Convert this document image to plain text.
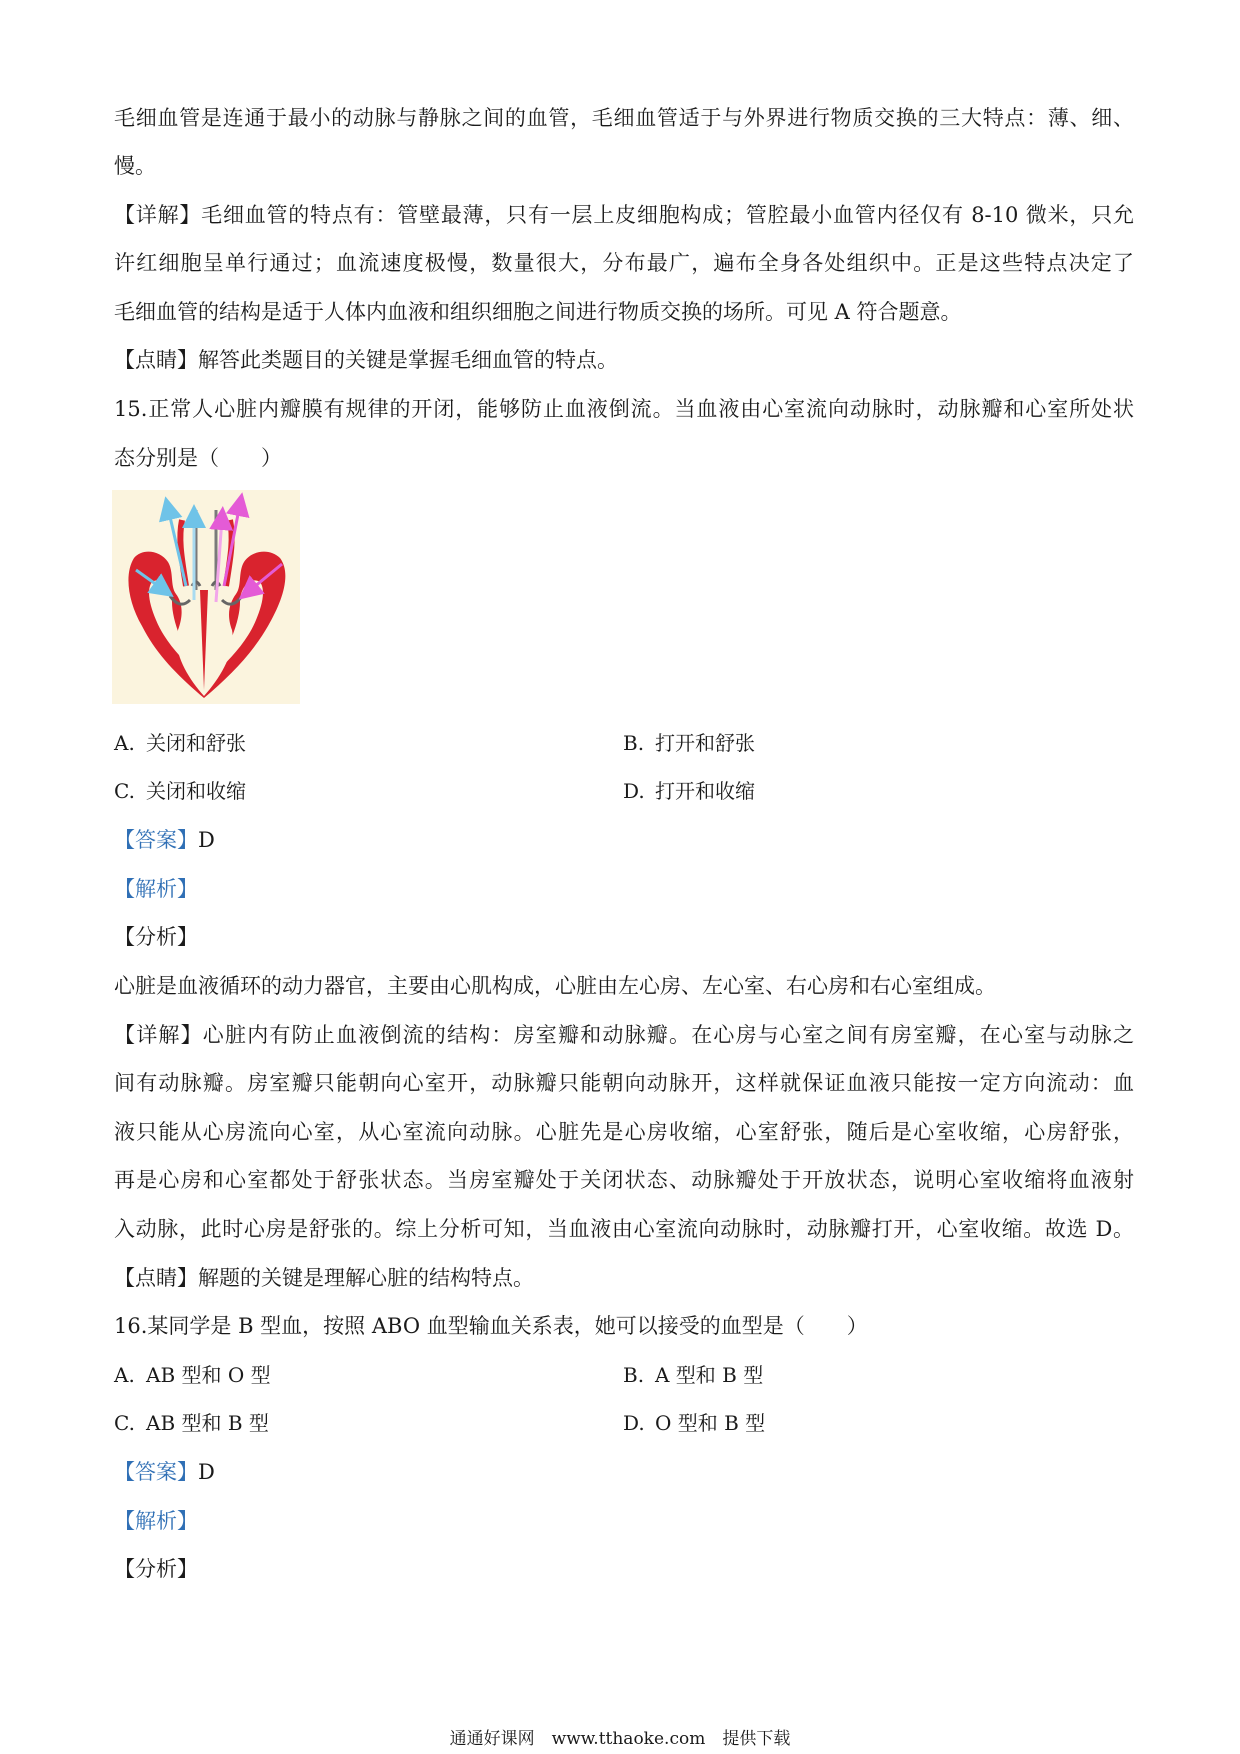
毛细血管是连通于最小的动脉与静脉之间的血管，毛细血管适于与外界进行物质交换的三大特点：薄、细、
慢。
【详解】毛细血管的特点有：管壁最薄，只有一层上皮细胞构成；管腔最小血管内径仅有 8-10 微米，只允
许红细胞呈单行通过；血流速度极慢，数量很大，分布最广，遍布全身各处组织中。正是这些特点决定了
毛细血管的结构是适于人体内血液和组织细胞之间进行物质交换的场所。可见 A 符合题意。
【点睛】解答此类题目的关键是掌握毛细血管的特点。
15.正常人心脏内瓣膜有规律的开闭，能够防止血液倒流。当血液由心室流向动脉时，动脉瓣和心室所处状
态分别是（　　）
A. 关闭和舒张	B. 打开和舒张
C. 关闭和收缩	D. 打开和收缩
【答案】D
【解析】
【分析】
心脏是血液循环的动力器官，主要由心肌构成，心脏由左心房、左心室、右心房和右心室组成。
【详解】心脏内有防止血液倒流的结构：房室瓣和动脉瓣。在心房与心室之间有房室瓣，在心室与动脉之
间有动脉瓣。房室瓣只能朝向心室开，动脉瓣只能朝向动脉开，这样就保证血液只能按一定方向流动：血
液只能从心房流向心室，从心室流向动脉。心脏先是心房收缩，心室舒张，随后是心室收缩，心房舒张，
再是心房和心室都处于舒张状态。当房室瓣处于关闭状态、动脉瓣处于开放状态，说明心室收缩将血液射
入动脉，此时心房是舒张的。综上分析可知，当血液由心室流向动脉时，动脉瓣打开，心室收缩。故选 D。
【点睛】解题的关键是理解心脏的结构特点。
16.某同学是 B 型血，按照 ABO 血型输血关系表，她可以接受的血型是（　　）
A. AB 型和 O 型	B. A 型和 B 型
C. AB 型和 B 型	D. O 型和 B 型
【答案】D
【解析】
【分析】
通通好课网　www.tthaoke.com　提供下载
